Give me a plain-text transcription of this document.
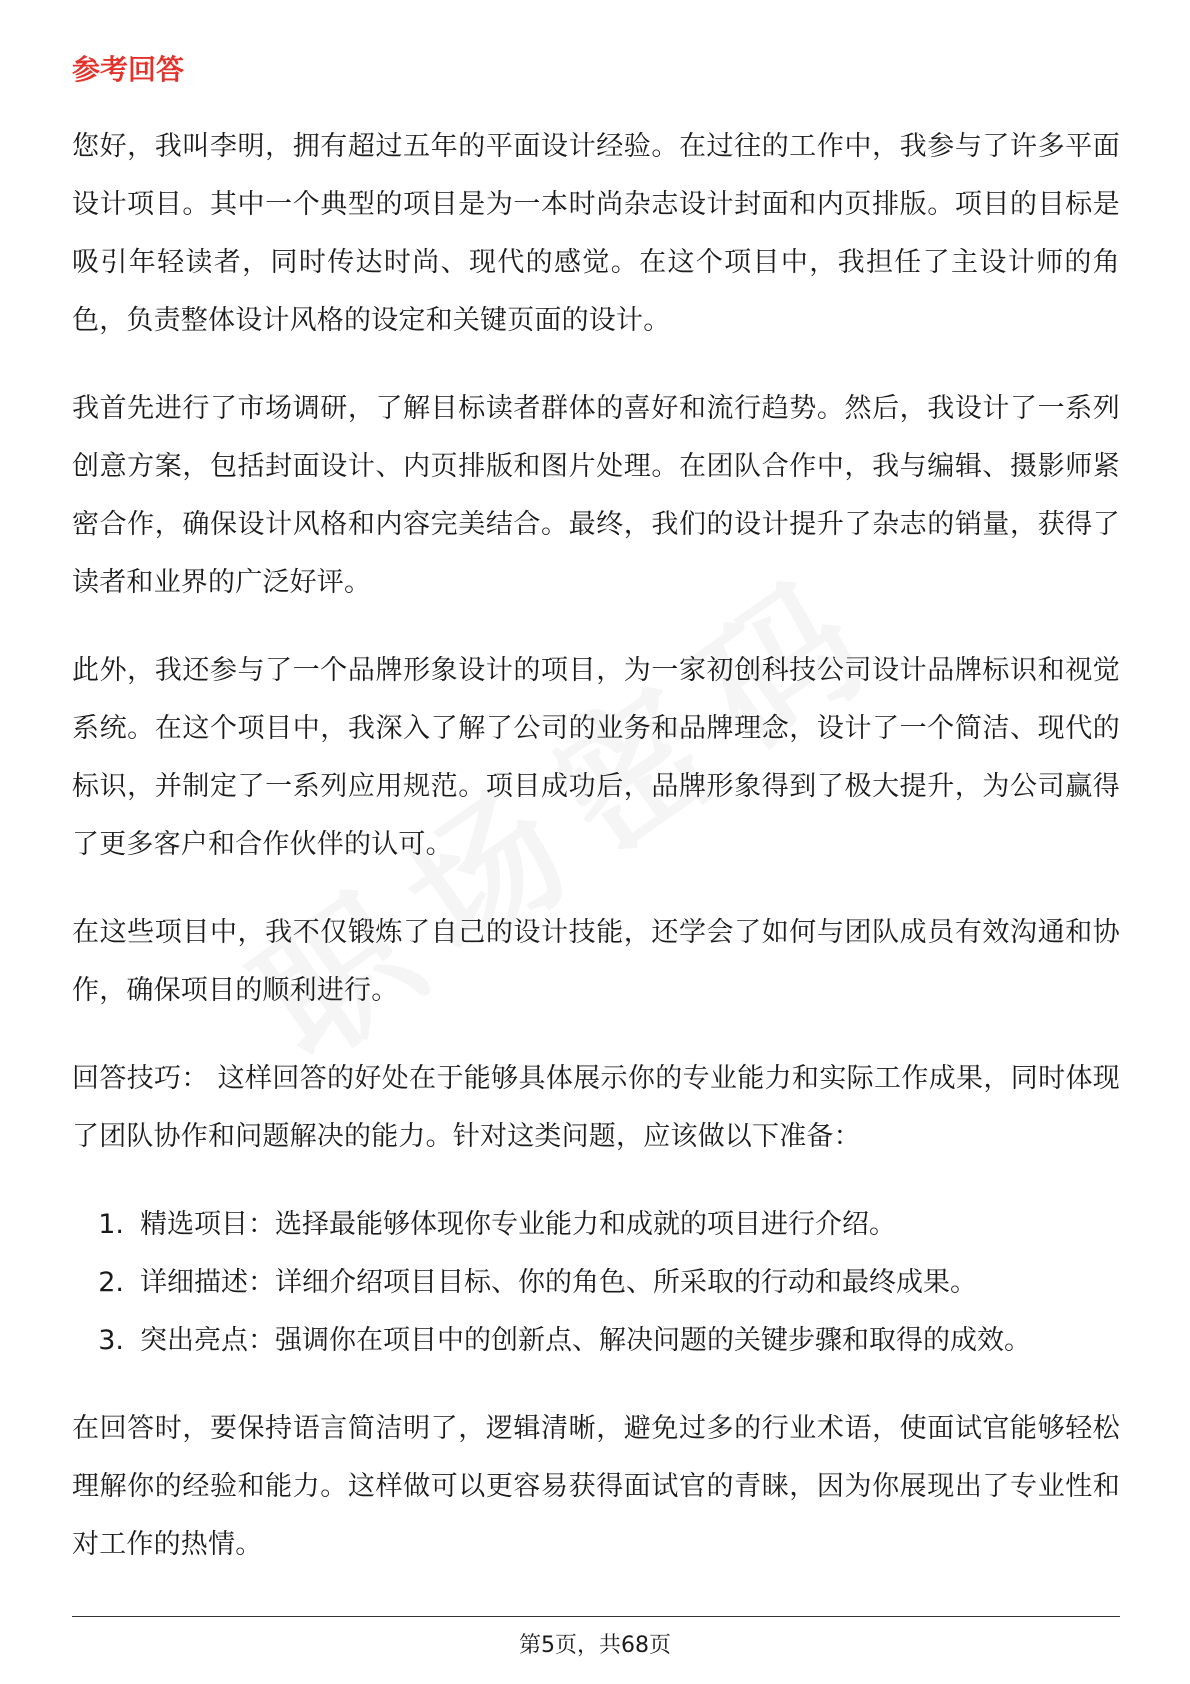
参考回答

您好，我叫李明，拥有超过五年的平面设计经验。在过往的工作中，我参与了许多平面设计项目。其中一个典型的项目是为一本时尚杂志设计封面和内页排版。项目的目标是吸引年轻读者，同时传达时尚、现代的感觉。在这个项目中，我担任了主设计师的角色，负责整体设计风格的设定和关键页面的设计。

我首先进行了市场调研，了解目标读者群体的喜好和流行趋势。然后，我设计了一系列创意方案，包括封面设计、内页排版和图片处理。在团队合作中，我与编辑、摄影师紧密合作，确保设计风格和内容完美结合。最终，我们的设计提升了杂志的销量，获得了读者和业界的广泛好评。

此外，我还参与了一个品牌形象设计的项目，为一家初创科技公司设计品牌标识和视觉系统。在这个项目中，我深入了解了公司的业务和品牌理念，设计了一个简洁、现代的标识，并制定了一系列应用规范。项目成功后，品牌形象得到了极大提升，为公司赢得了更多客户和合作伙伴的认可。

在这些项目中，我不仅锻炼了自己的设计技能，还学会了如何与团队成员有效沟通和协作，确保项目的顺利进行。

回答技巧： 这样回答的好处在于能够具体展示你的专业能力和实际工作成果，同时体现了团队协作和问题解决的能力。针对这类问题，应该做以下准备：

1. 精选项目：选择最能够体现你专业能力和成就的项目进行介绍。
2. 详细描述：详细介绍项目目标、你的角色、所采取的行动和最终成果。
3. 突出亮点：强调你在项目中的创新点、解决问题的关键步骤和取得的成效。

在回答时，要保持语言简洁明了，逻辑清晰，避免过多的行业术语，使面试官能够轻松理解你的经验和能力。这样做可以更容易获得面试官的青睐，因为你展现出了专业性和对工作的热情。

第5页，共68页
